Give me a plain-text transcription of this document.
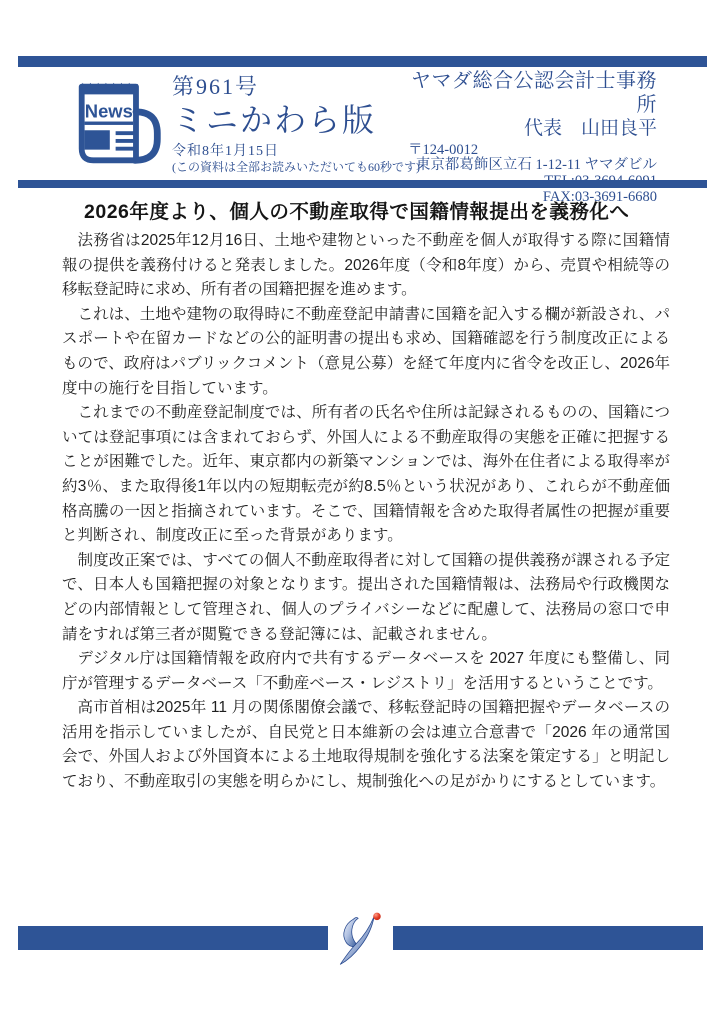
News
第961号
ミニかわら版
令和8年1月15日
(この資料は全部お読みいただいても60秒です)
ヤマダ総合公認会計士事務所
代表　山田良平
〒124-0012
東京都葛飾区立石 1-12-11 ヤマダビル
FAX:03-3691-6680
2026年度より、個人の不動産取得で国籍情報提出を義務化へ

法務省は2025年12月16日、土地や建物といった不動産を個人が取得する際に国籍情報の提供を義務付けると発表しました。2026年度（令和8年度）から、売買や相続等の移転登記時に求め、所有者の国籍把握を進めます。

これは、土地や建物の取得時に不動産登記申請書に国籍を記入する欄が新設され、パスポートや在留カードなどの公的証明書の提出も求め、国籍確認を行う制度改正によるもので、政府はパブリックコメント（意見公募）を経て年度内に省令を改正し、2026年度中の施行を目指しています。

これまでの不動産登記制度では、所有者の氏名や住所は記録されるものの、国籍については登記事項には含まれておらず、外国人による不動産取得の実態を正確に把握することが困難でした。近年、東京都内の新築マンションでは、海外在住者による取得率が約3％、また取得後1年以内の短期転売が約8.5％という状況があり、これらが不動産価格高騰の一因と指摘されています。そこで、国籍情報を含めた取得者属性の把握が重要と判断され、制度改正に至った背景があります。

制度改正案では、すべての個人不動産取得者に対して国籍の提供義務が課される予定で、日本人も国籍把握の対象となります。提出された国籍情報は、法務局や行政機関などの内部情報として管理され、個人のプライバシーなどに配慮して、法務局の窓口で申請をすれば第三者が閲覧できる登記簿には、記載されません。

デジタル庁は国籍情報を政府内で共有するデータベースを 2027 年度にも整備し、同庁が管理するデータベース「不動産ベース・レジストリ」を活用するということです。

高市首相は2025年 11 月の関係閣僚会議で、移転登記時の国籍把握やデータベースの活用を指示していましたが、自民党と日本維新の会は連立合意書で「2026 年の通常国会で、外国人および外国資本による土地取得規制を強化する法案を策定する」と明記しており、不動産取引の実態を明らかにし、規制強化への足がかりにするとしています。
